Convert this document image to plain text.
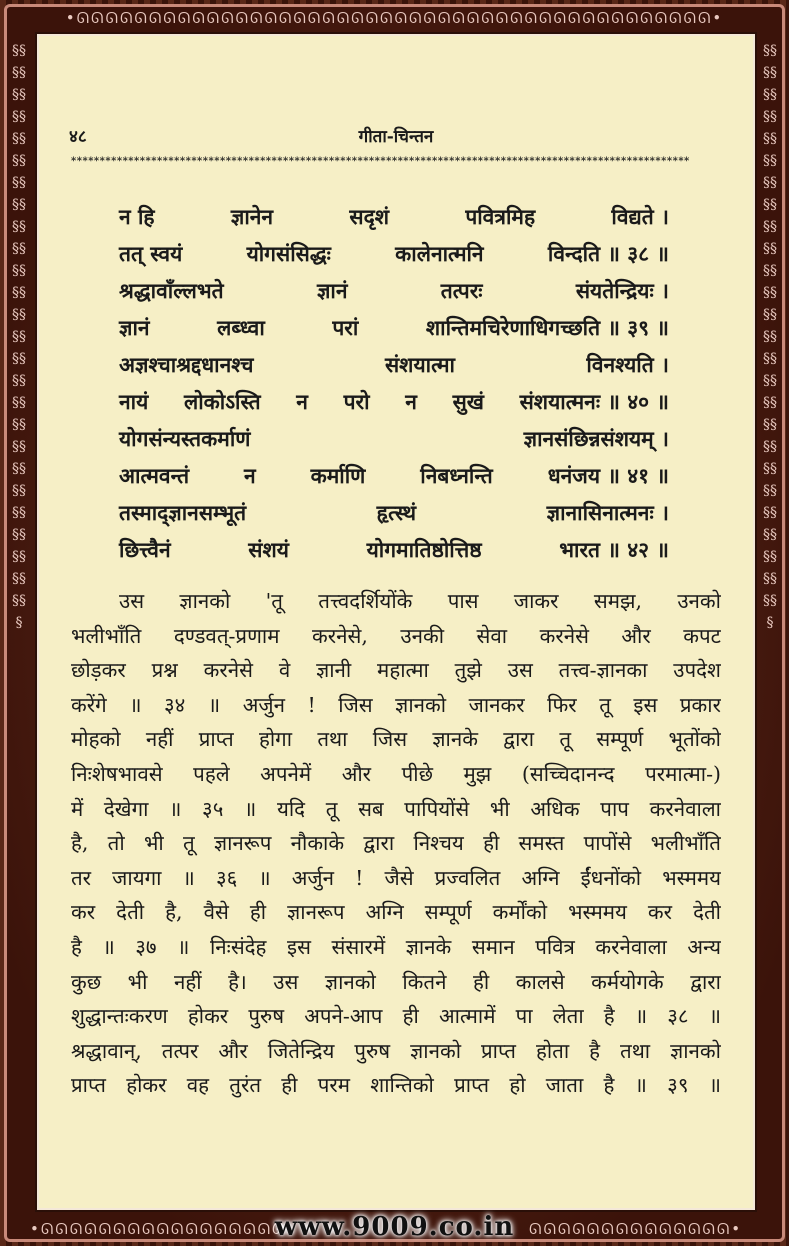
•ᘏᘏᘏᘏᘏᘏᘏᘏᘏᘏᘏᘏᘏᘏᘏᘏᘏᘏᘏᘏᘏᘏᘏᘏᘏᘏᘏᘏᘏᘏᘏᘏᘏᘏᘏᘏᘏᘏᘏᘏᘏᘏᘏᘏ•
§§§§§§§§§§§§§§§§§§§§§§§§§§§§§§§§§§§§§§§§§§§§§§§§§§§§§
§§§§§§§§§§§§§§§§§§§§§§§§§§§§§§§§§§§§§§§§§§§§§§§§§§§§§
•ᘏᘏᘏᘏᘏᘏᘏᘏᘏᘏᘏᘏᘏᘏᘏᘏᘏ	ᘏᘏᘏᘏᘏᘏᘏᘏᘏᘏᘏᘏᘏᘏ•
४८	गीता-चिन्तन
************************************************************************************************************
न हि	ज्ञानेन	सदृशं	पवित्रमिह	विद्यते ।
तत् स्वयं	योगसंसिद्धः	कालेनात्मनि	विन्दति ॥ ३८ ॥
श्रद्धावाँल्लभते	ज्ञानं	तत्परः	संयतेन्द्रियः ।
ज्ञानं	लब्ध्वा	परां	शान्तिमचिरेणाधिगच्छति ॥ ३९ ॥
अज्ञश्चाश्रद्दधानश्च	संशयात्मा	विनश्यति ।
नायं लोकोऽस्ति न परो न सुखं संशयात्मनः ॥ ४० ॥
योगसंन्यस्तकर्माणं	ज्ञानसंछिन्नसंशयम् ।
आत्मवन्तं	न	कर्माणि	निबध्नन्ति	धनंजय ॥ ४१ ॥
तस्माद्ज्ञानसम्भूतं	हृत्स्थं	ज्ञानासिनात्मनः ।
छित्त्वैनं	संशयं	योगमातिष्ठोत्तिष्ठ	भारत ॥ ४२ ॥
उस ज्ञानको 'तू तत्त्वदर्शियोंके पास जाकर समझ, उनको
भलीभाँति दण्डवत्-प्रणाम करनेसे, उनकी सेवा करनेसे और कपट
छोड़कर प्रश्न करनेसे वे ज्ञानी महात्मा तुझे उस तत्त्व-ज्ञानका उपदेश
करेंगे ॥ ३४ ॥ अर्जुन ! जिस ज्ञानको जानकर फिर तू इस प्रकार
मोहको नहीं प्राप्त होगा तथा जिस ज्ञानके द्वारा तू सम्पूर्ण भूतोंको
निःशेषभावसे पहले अपनेमें और पीछे मुझ (सच्चिदानन्द परमात्मा-)
में देखेगा ॥ ३५ ॥ यदि तू सब पापियोंसे भी अधिक पाप करनेवाला
है, तो भी तू ज्ञानरूप नौकाके द्वारा निश्चय ही समस्त पापोंसे भलीभाँति
तर जायगा ॥ ३६ ॥ अर्जुन ! जैसे प्रज्वलित अग्नि ईंधनोंको भस्ममय
कर देती है, वैसे ही ज्ञानरूप अग्नि सम्पूर्ण कर्मोंको भस्ममय कर देती
है ॥ ३७ ॥ निःसंदेह इस संसारमें ज्ञानके समान पवित्र करनेवाला अन्य
कुछ भी नहीं है। उस ज्ञानको कितने ही कालसे कर्मयोगके द्वारा
शुद्धान्तःकरण होकर पुरुष अपने-आप ही आत्मामें पा लेता है ॥ ३८ ॥
श्रद्धावान्, तत्पर और जितेन्द्रिय पुरुष ज्ञानको प्राप्त होता है तथा ज्ञानको
प्राप्त होकर वह तुरंत ही परम शान्तिको प्राप्त हो जाता है ॥ ३९ ॥
www.9009.co.in
